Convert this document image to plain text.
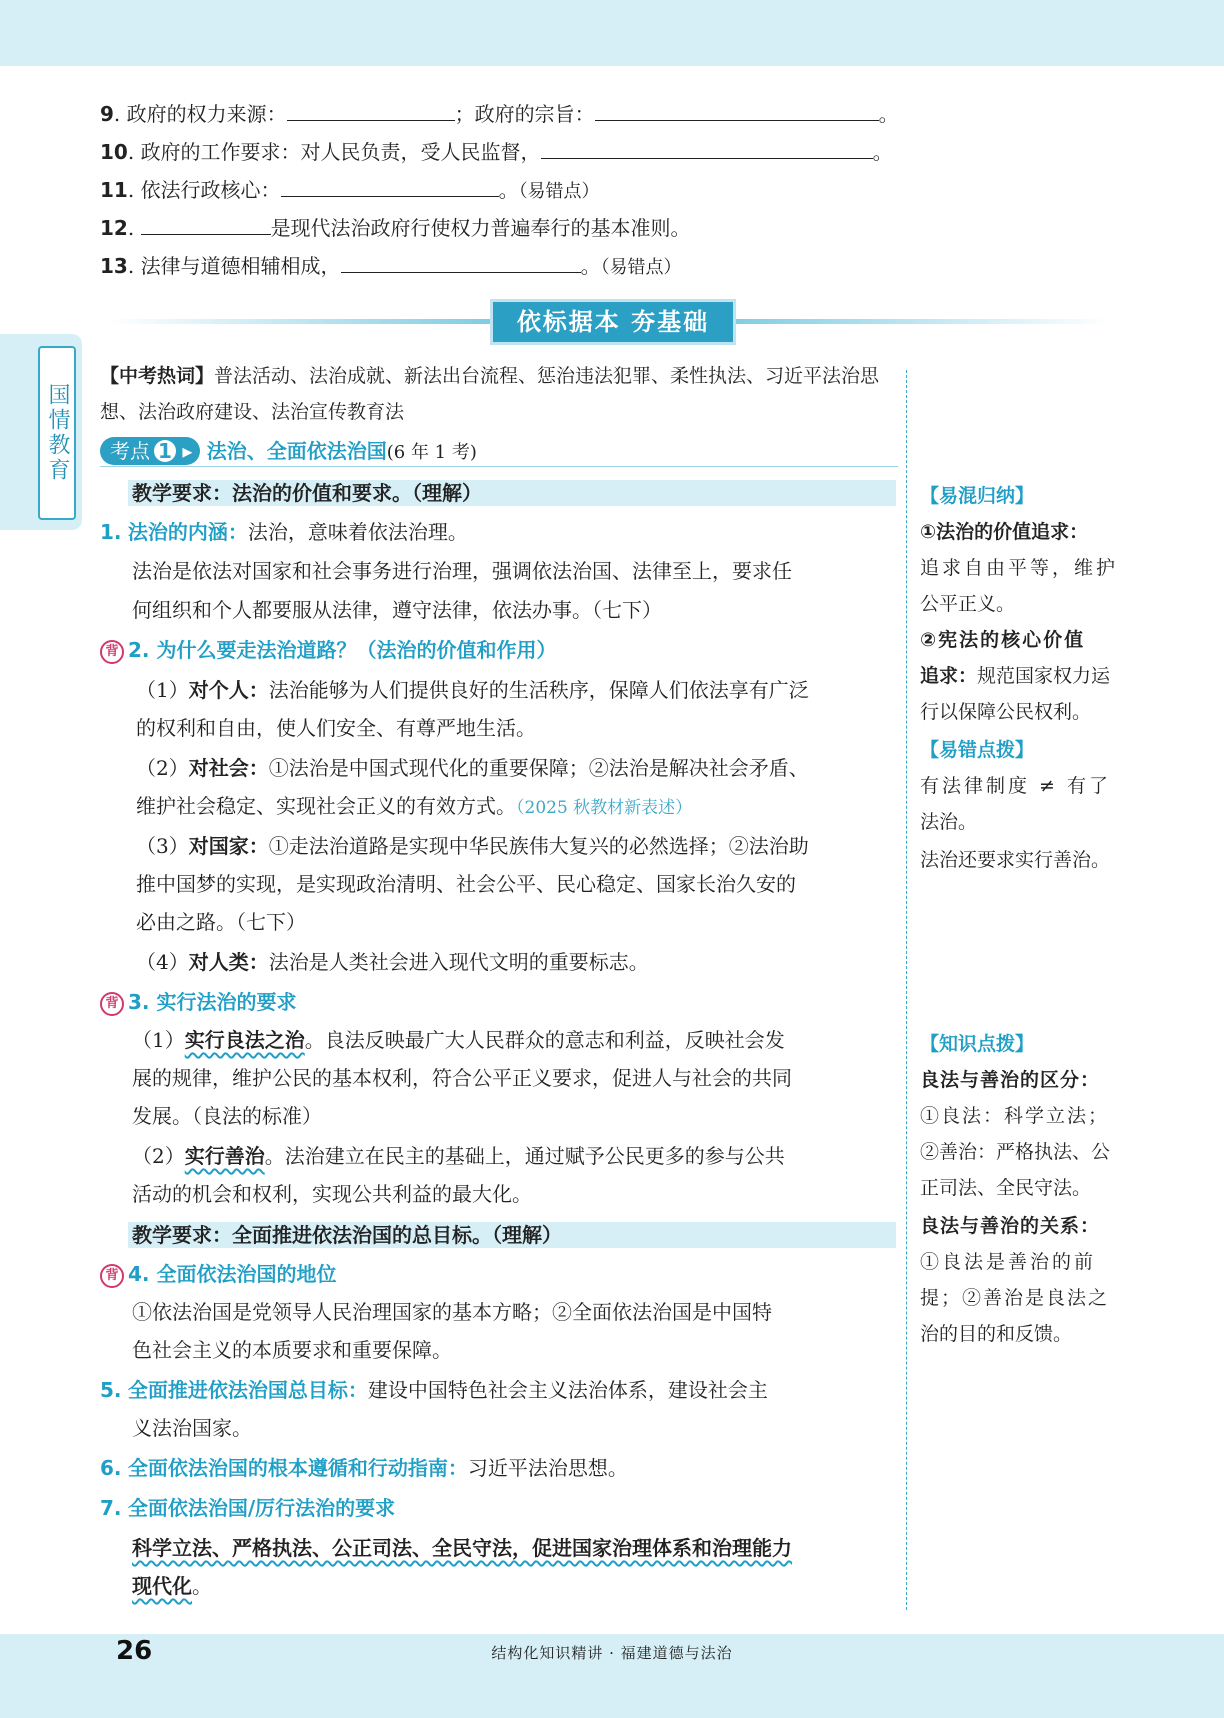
9. 政府的权力来源：	；政府的宗旨：	。
10. 政府的工作要求：对人民负责，受人民监督，	。
11. 依法行政核心：	。（易错点）
12.	是现代法治政府行使权力普遍奉行的基本准则。
13. 法律与道德相辅相成，	。（易错点）
依标据本 夯基础
国情教育
【中考热词】普法活动、法治成就、新法出台流程、惩治违法犯罪、柔性执法、习近平法治思
想、法治政府建设、法治宣传教育法
考点 1 ▸ 法治、全面依法治国(6 年 1 考)
教学要求：法治的价值和要求。（理解）
1. 法治的内涵：法治，意味着依法治理。
法治是依法对国家和社会事务进行治理，强调依法治国、法律至上，要求任
何组织和个人都要服从法律，遵守法律，依法办事。（七下）
背 2. 为什么要走法治道路？（法治的价值和作用）
（1）对个人：法治能够为人们提供良好的生活秩序，保障人们依法享有广泛
的权利和自由，使人们安全、有尊严地生活。
（2）对社会：①法治是中国式现代化的重要保障；②法治是解决社会矛盾、
维护社会稳定、实现社会正义的有效方式。（2025 秋教材新表述）
（3）对国家：①走法治道路是实现中华民族伟大复兴的必然选择；②法治助
推中国梦的实现，是实现政治清明、社会公平、民心稳定、国家长治久安的
必由之路。（七下）
（4）对人类：法治是人类社会进入现代文明的重要标志。
背 3. 实行法治的要求
（1）实行良法之治。良法反映最广大人民群众的意志和利益，反映社会发
展的规律，维护公民的基本权利，符合公平正义要求，促进人与社会的共同
发展。（良法的标准）
（2）实行善治。法治建立在民主的基础上，通过赋予公民更多的参与公共
活动的机会和权利，实现公共利益的最大化。
教学要求：全面推进依法治国的总目标。（理解）
背 4. 全面依法治国的地位
①依法治国是党领导人民治理国家的基本方略；②全面依法治国是中国特
色社会主义的本质要求和重要保障。
5. 全面推进依法治国总目标：建设中国特色社会主义法治体系，建设社会主
义法治国家。
6. 全面依法治国的根本遵循和行动指南：习近平法治思想。
7. 全面依法治国/厉行法治的要求
科学立法、严格执法、公正司法、全民守法，促进国家治理体系和治理能力
现代化。
【易混归纳】
①法治的价值追求：
追求自由平等，维护
公平正义。
②宪法的核心价值
追求：规范国家权力运
行以保障公民权利。
【易错点拨】
有法律制度 ≠ 有了
法治。
法治还要求实行善治。
【知识点拨】
良法与善治的区分：
①良法：科学立法；
②善治：严格执法、公
正司法、全民守法。
良法与善治的关系：
①良法是善治的前
提；②善治是良法之
治的目的和反馈。
26	结构化知识精讲 · 福建道德与法治
